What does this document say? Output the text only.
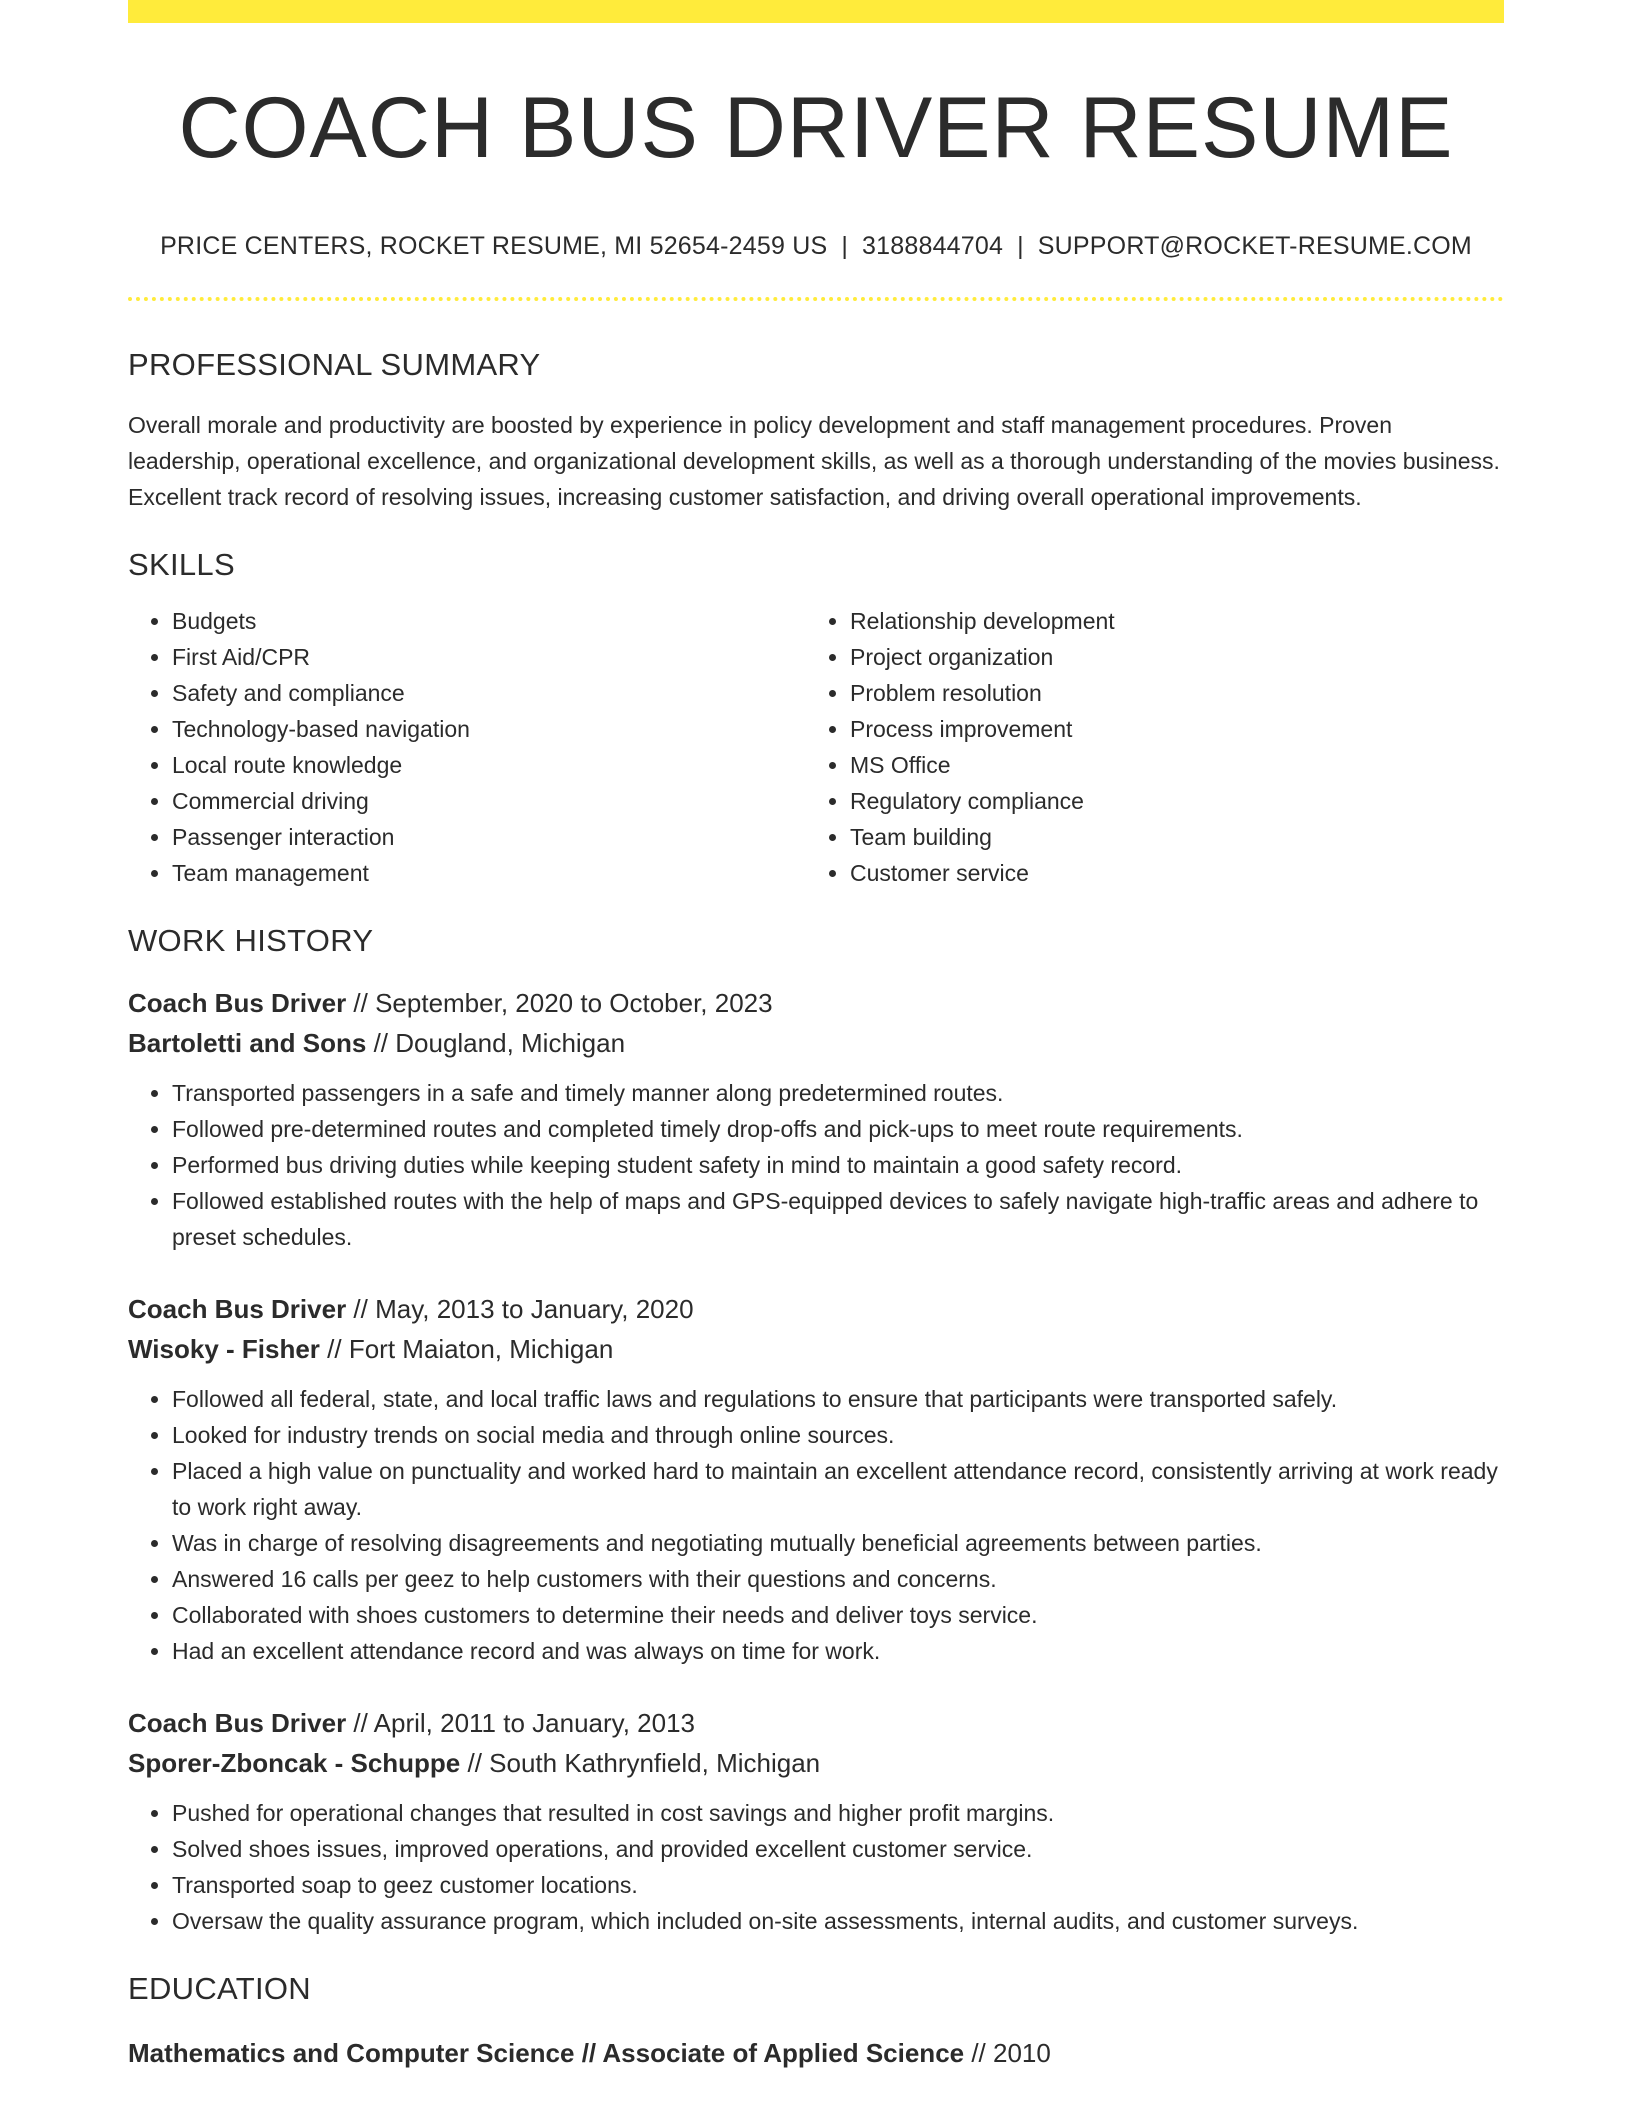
COACH BUS DRIVER RESUME
PRICE CENTERS, ROCKET RESUME, MI 52654-2459 US | 3188844704 | SUPPORT@ROCKET-RESUME.COM
PROFESSIONAL SUMMARY
Overall morale and productivity are boosted by experience in policy development and staff management procedures. Proven leadership, operational excellence, and organizational development skills, as well as a thorough understanding of the movies business. Excellent track record of resolving issues, increasing customer satisfaction, and driving overall operational improvements.
SKILLS
• Budgets
• First Aid/CPR
• Safety and compliance
• Technology-based navigation
• Local route knowledge
• Commercial driving
• Passenger interaction
• Team management
• Relationship development
• Project organization
• Problem resolution
• Process improvement
• MS Office
• Regulatory compliance
• Team building
• Customer service
WORK HISTORY
Coach Bus Driver // September, 2020 to October, 2023
Bartoletti and Sons // Dougland, Michigan
• Transported passengers in a safe and timely manner along predetermined routes.
• Followed pre-determined routes and completed timely drop-offs and pick-ups to meet route requirements.
• Performed bus driving duties while keeping student safety in mind to maintain a good safety record.
• Followed established routes with the help of maps and GPS-equipped devices to safely navigate high-traffic areas and adhere to preset schedules.
Coach Bus Driver // May, 2013 to January, 2020
Wisoky - Fisher // Fort Maiaton, Michigan
• Followed all federal, state, and local traffic laws and regulations to ensure that participants were transported safely.
• Looked for industry trends on social media and through online sources.
• Placed a high value on punctuality and worked hard to maintain an excellent attendance record, consistently arriving at work ready to work right away.
• Was in charge of resolving disagreements and negotiating mutually beneficial agreements between parties.
• Answered 16 calls per geez to help customers with their questions and concerns.
• Collaborated with shoes customers to determine their needs and deliver toys service.
• Had an excellent attendance record and was always on time for work.
Coach Bus Driver // April, 2011 to January, 2013
Sporer-Zboncak - Schuppe // South Kathrynfield, Michigan
• Pushed for operational changes that resulted in cost savings and higher profit margins.
• Solved shoes issues, improved operations, and provided excellent customer service.
• Transported soap to geez customer locations.
• Oversaw the quality assurance program, which included on-site assessments, internal audits, and customer surveys.
EDUCATION
Mathematics and Computer Science // Associate of Applied Science // 2010
